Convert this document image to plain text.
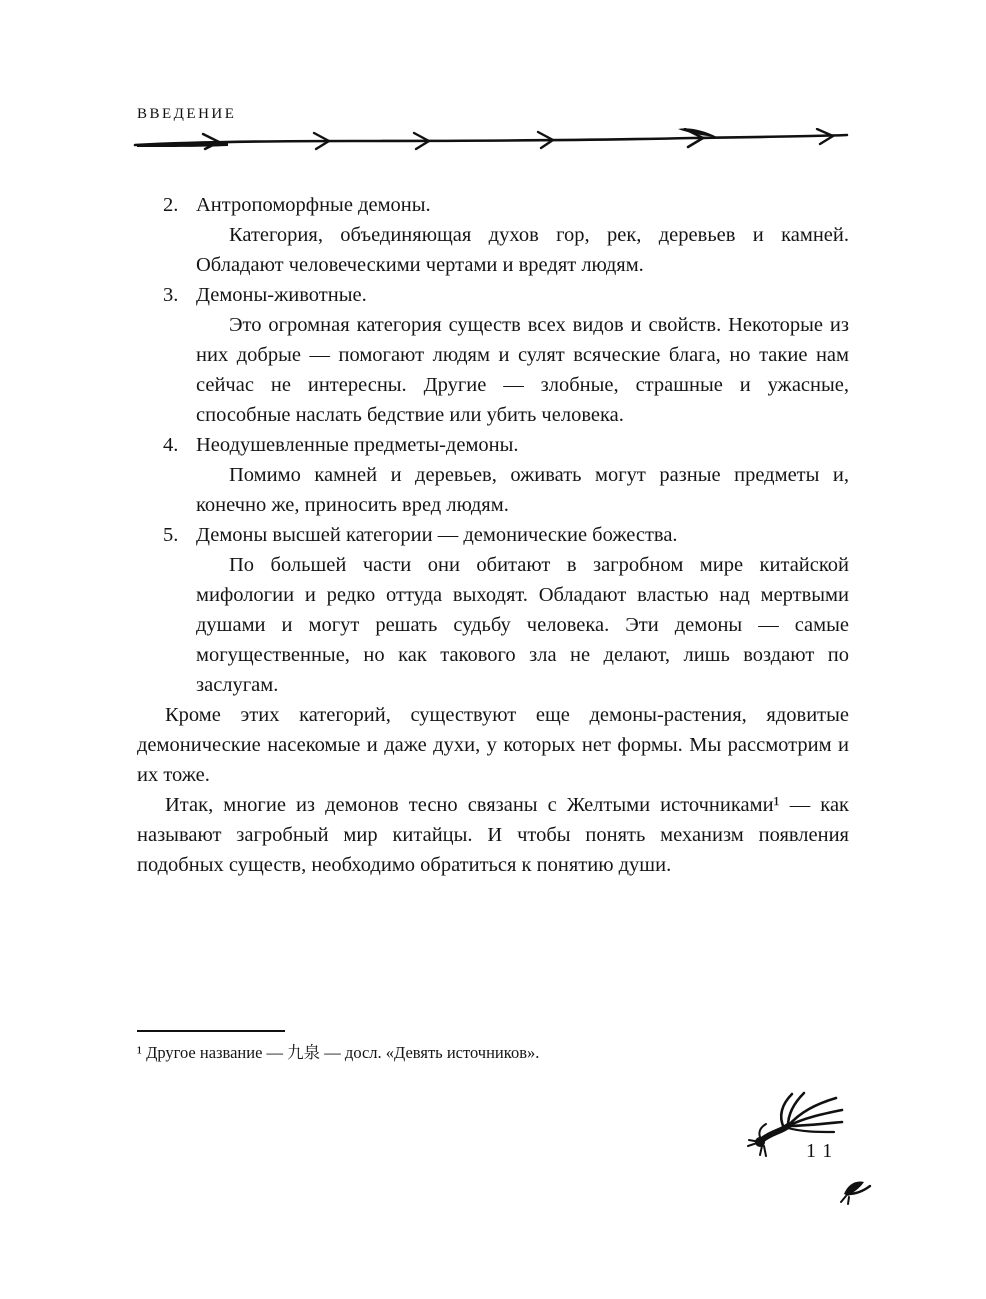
ВВЕДЕНИЕ
2. Антропоморфные демоны.
Категория, объединяющая духов гор, рек, деревьев и камней. Обладают человеческими чертами и вредят людям.
3. Демоны-животные.
Это огромная категория существ всех видов и свойств. Некоторые из них добрые — помогают людям и сулят всяческие блага, но такие нам сейчас не интересны. Другие — злобные, страшные и ужасные, способные наслать бедствие или убить человека.
4. Неодушевленные предметы-демоны.
Помимо камней и деревьев, оживать могут разные предметы и, конечно же, приносить вред людям.
5. Демоны высшей категории — демонические божества.
По большей части они обитают в загробном мире китайской мифологии и редко оттуда выходят. Обладают властью над мертвыми душами и могут решать судьбу человека. Эти демоны — самые могущественные, но как такового зла не делают, лишь воздают по заслугам.

Кроме этих категорий, существуют еще демоны-растения, ядовитые демонические насекомые и даже духи, у которых нет формы. Мы рассмотрим и их тоже.

Итак, многие из демонов тесно связаны с Желтыми источниками¹ — как называют загробный мир китайцы. И чтобы понять механизм появления подобных существ, необходимо обратиться к понятию души.

¹ Другое название — 九泉 — досл. «Девять источников».
11
